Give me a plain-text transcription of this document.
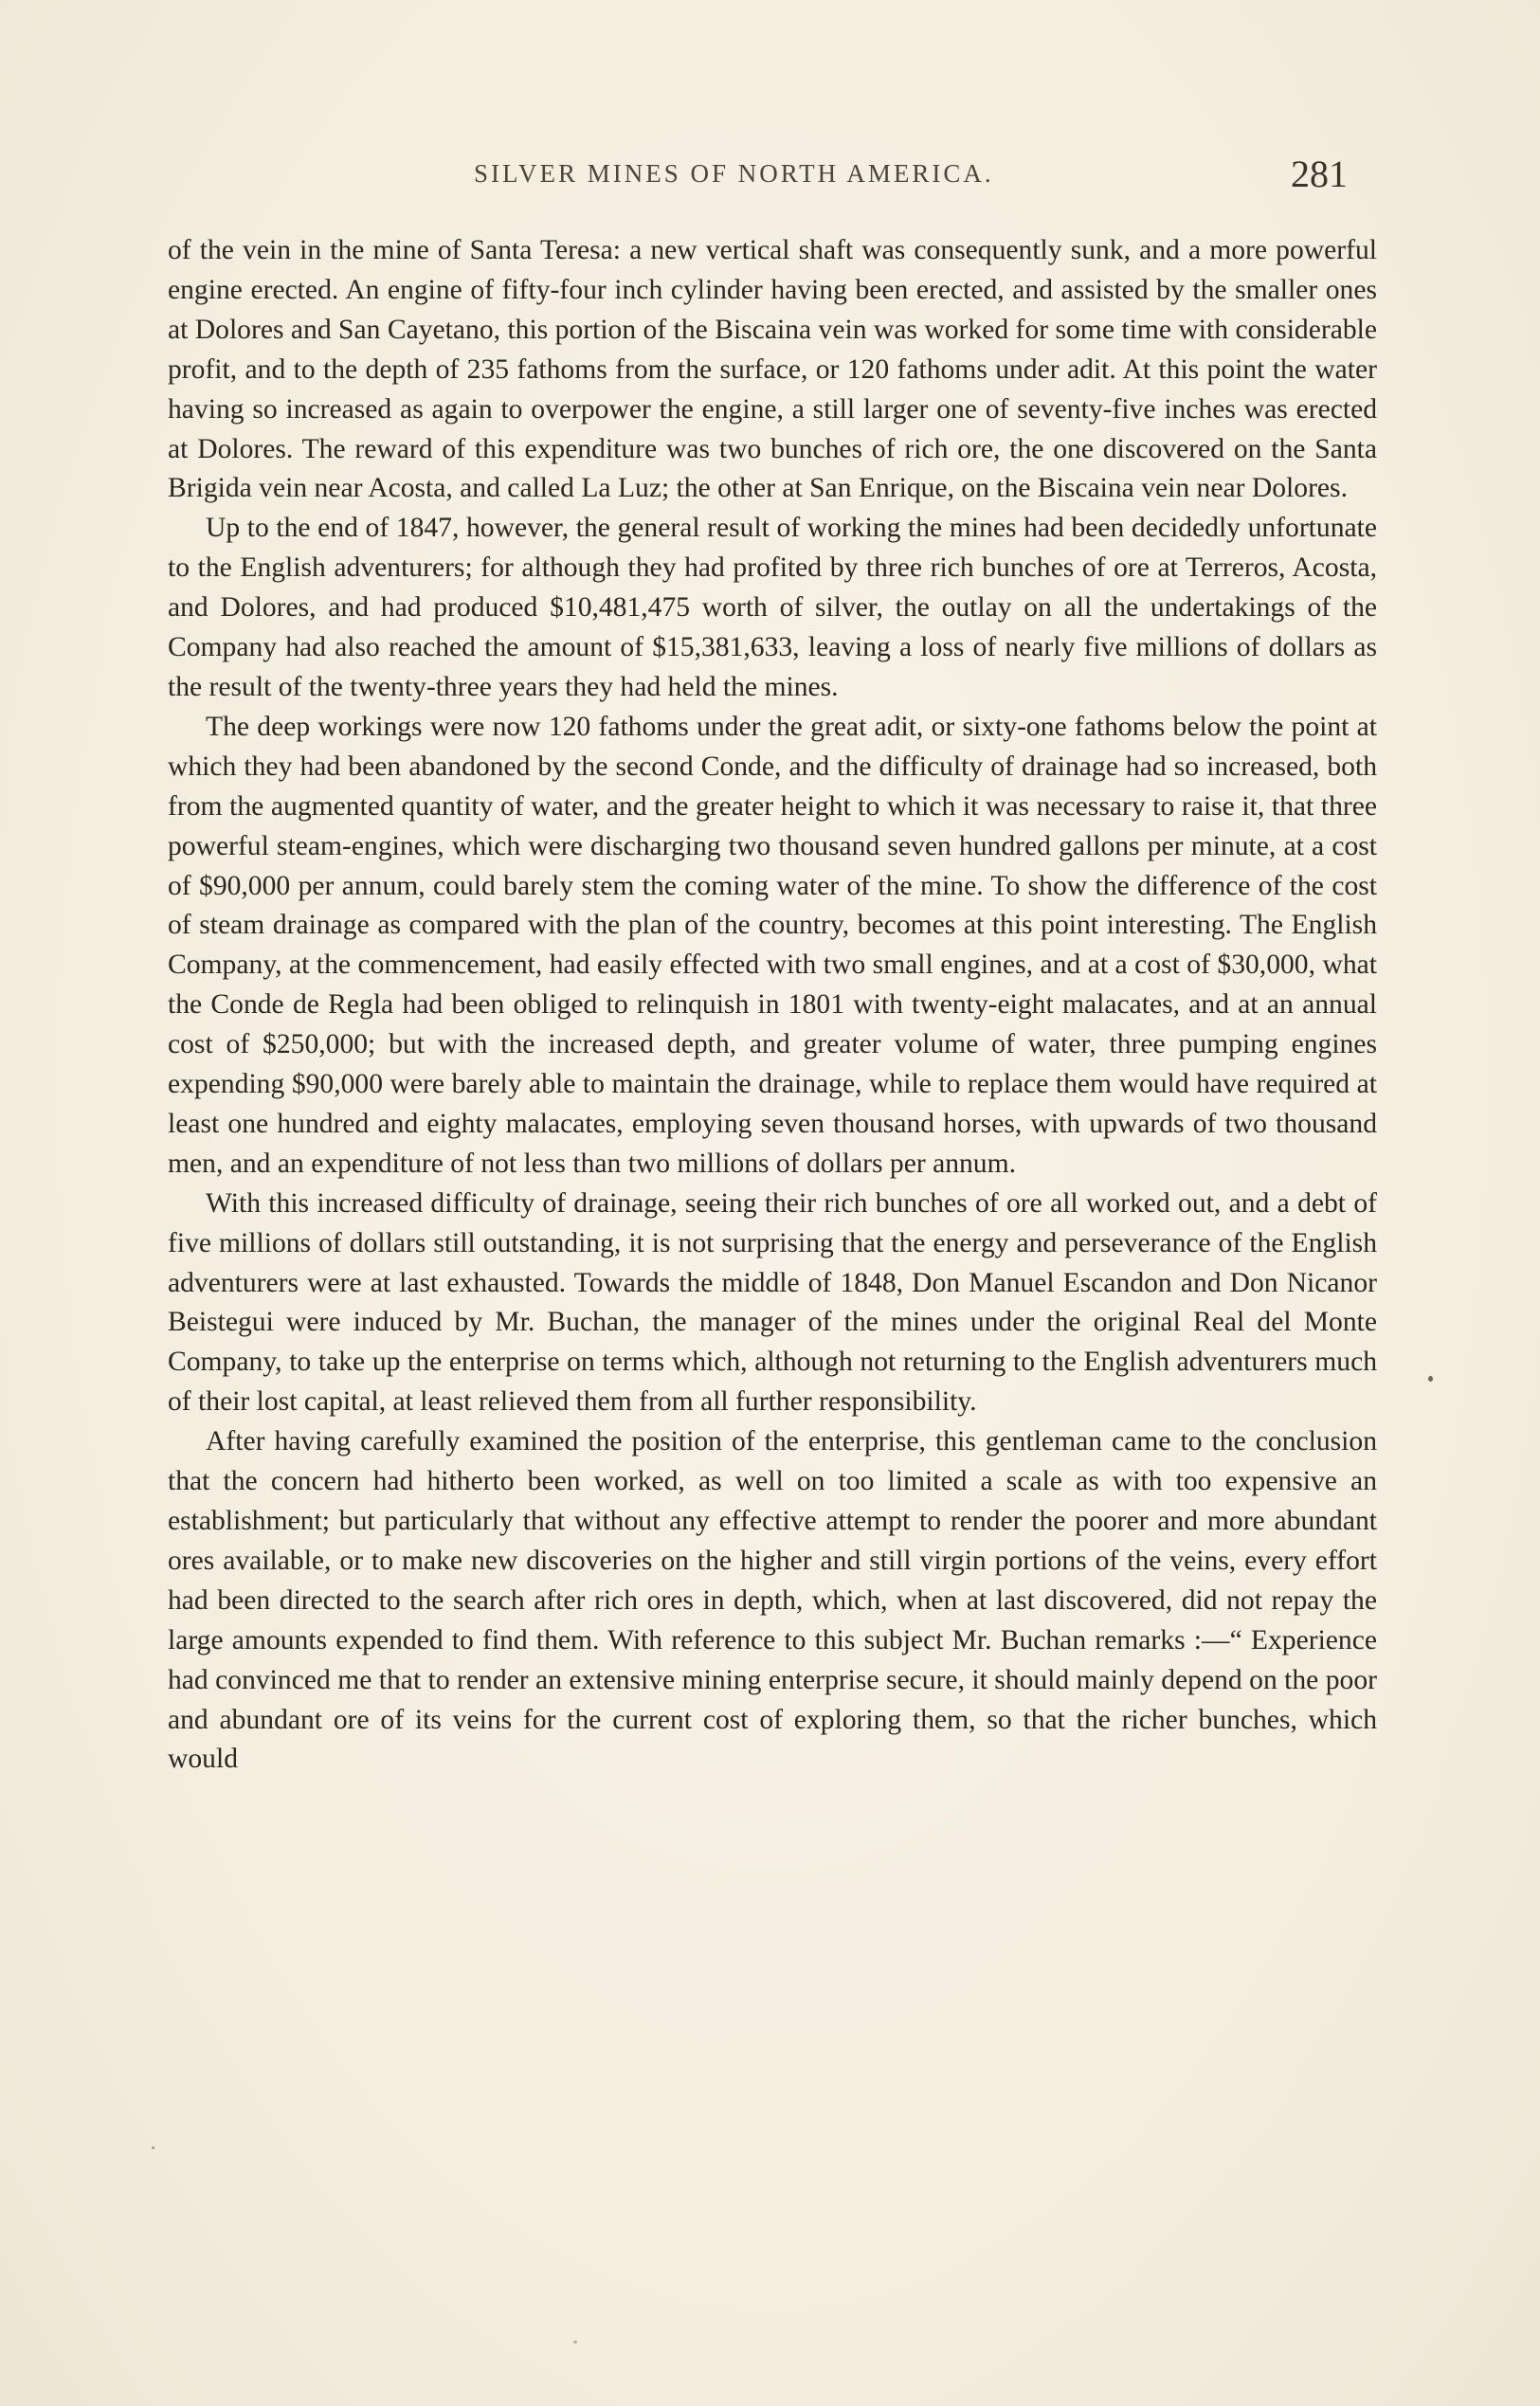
SILVER MINES OF NORTH AMERICA.	281

of the vein in the mine of Santa Teresa: a new vertical shaft was consequently sunk, and a more powerful engine erected. An engine of fifty-four inch cylinder having been erected, and assisted by the smaller ones at Dolores and San Cayetano, this portion of the Biscaina vein was worked for some time with considerable profit, and to the depth of 235 fathoms from the surface, or 120 fathoms under adit. At this point the water having so increased as again to overpower the engine, a still larger one of seventy-five inches was erected at Dolores. The reward of this expenditure was two bunches of rich ore, the one discovered on the Santa Brigida vein near Acosta, and called La Luz; the other at San Enrique, on the Biscaina vein near Dolores.

Up to the end of 1847, however, the general result of working the mines had been decidedly unfortunate to the English adventurers; for although they had profited by three rich bunches of ore at Terreros, Acosta, and Dolores, and had produced $10,481,475 worth of silver, the outlay on all the undertakings of the Company had also reached the amount of $15,381,633, leaving a loss of nearly five millions of dollars as the result of the twenty-three years they had held the mines.

The deep workings were now 120 fathoms under the great adit, or sixty-one fathoms below the point at which they had been abandoned by the second Conde, and the difficulty of drainage had so increased, both from the augmented quantity of water, and the greater height to which it was necessary to raise it, that three powerful steam-engines, which were discharging two thousand seven hundred gallons per minute, at a cost of $90,000 per annum, could barely stem the coming water of the mine. To show the difference of the cost of steam drainage as compared with the plan of the country, becomes at this point interesting. The English Company, at the commencement, had easily effected with two small engines, and at a cost of $30,000, what the Conde de Regla had been obliged to relinquish in 1801 with twenty-eight malacates, and at an annual cost of $250,000; but with the increased depth, and greater volume of water, three pumping engines expending $90,000 were barely able to maintain the drainage, while to replace them would have required at least one hundred and eighty malacates, employing seven thousand horses, with upwards of two thousand men, and an expenditure of not less than two millions of dollars per annum.

With this increased difficulty of drainage, seeing their rich bunches of ore all worked out, and a debt of five millions of dollars still outstanding, it is not surprising that the energy and perseverance of the English adventurers were at last exhausted. Towards the middle of 1848, Don Manuel Escandon and Don Nicanor Beistegui were induced by Mr. Buchan, the manager of the mines under the original Real del Monte Company, to take up the enterprise on terms which, although not returning to the English adventurers much of their lost capital, at least relieved them from all further responsibility.

After having carefully examined the position of the enterprise, this gentleman came to the conclusion that the concern had hitherto been worked, as well on too limited a scale as with too expensive an establishment; but particularly that without any effective attempt to render the poorer and more abundant ores available, or to make new discoveries on the higher and still virgin portions of the veins, every effort had been directed to the search after rich ores in depth, which, when at last discovered, did not repay the large amounts expended to find them. With reference to this subject Mr. Buchan remarks :—“ Experience had convinced me that to render an extensive mining enterprise secure, it should mainly depend on the poor and abundant ore of its veins for the current cost of exploring them, so that the richer bunches, which would
